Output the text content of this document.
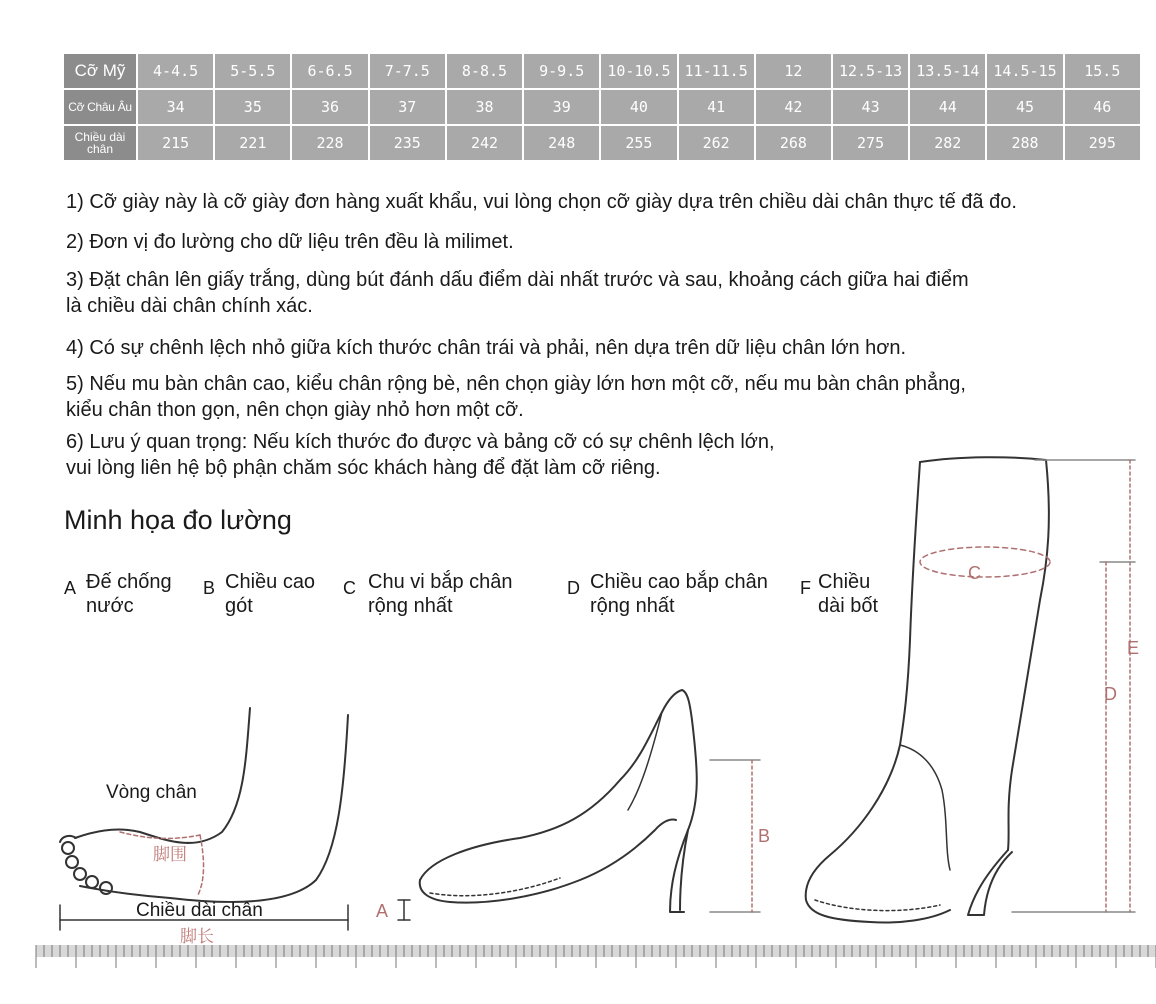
Cỡ Mỹ	4-4.5	5-5.5	6-6.5	7-7.5	8-8.5	9-9.5	10-10.5	11-11.5	12	12.5-13	13.5-14	14.5-15	15.5
Cỡ Châu Âu	34	35	36	37	38	39	40	41	42	43	44	45	46
Chiều dài chân	215	221	228	235	242	248	255	262	268	275	282	288	295
1) Cỡ giày này là cỡ giày đơn hàng xuất khẩu, vui lòng chọn cỡ giày dựa trên chiều dài chân thực tế đã đo.
2) Đơn vị đo lường cho dữ liệu trên đều là milimet.
3) Đặt chân lên giấy trắng, dùng bút đánh dấu điểm dài nhất trước và sau, khoảng cách giữa hai điểm
là chiều dài chân chính xác.
4) Có sự chênh lệch nhỏ giữa kích thước chân trái và phải, nên dựa trên dữ liệu chân lớn hơn.
5) Nếu mu bàn chân cao, kiểu chân rộng bè, nên chọn giày lớn hơn một cỡ, nếu mu bàn chân phẳng,
kiểu chân thon gọn, nên chọn giày nhỏ hơn một cỡ.
6) Lưu ý quan trọng: Nếu kích thước đo được và bảng cỡ có sự chênh lệch lớn,
vui lòng liên hệ bộ phận chăm sóc khách hàng để đặt làm cỡ riêng.
Minh họa đo lường
A Đế chống
nước
B Chiều cao
gót
C Chu vi bắp chân
rộng nhất
D Chiều cao bắp chân
rộng nhất
F Chiều
dài bốt
Vòng chân
脚围
Chiều dài chân
脚长
A
B
C
D
E
